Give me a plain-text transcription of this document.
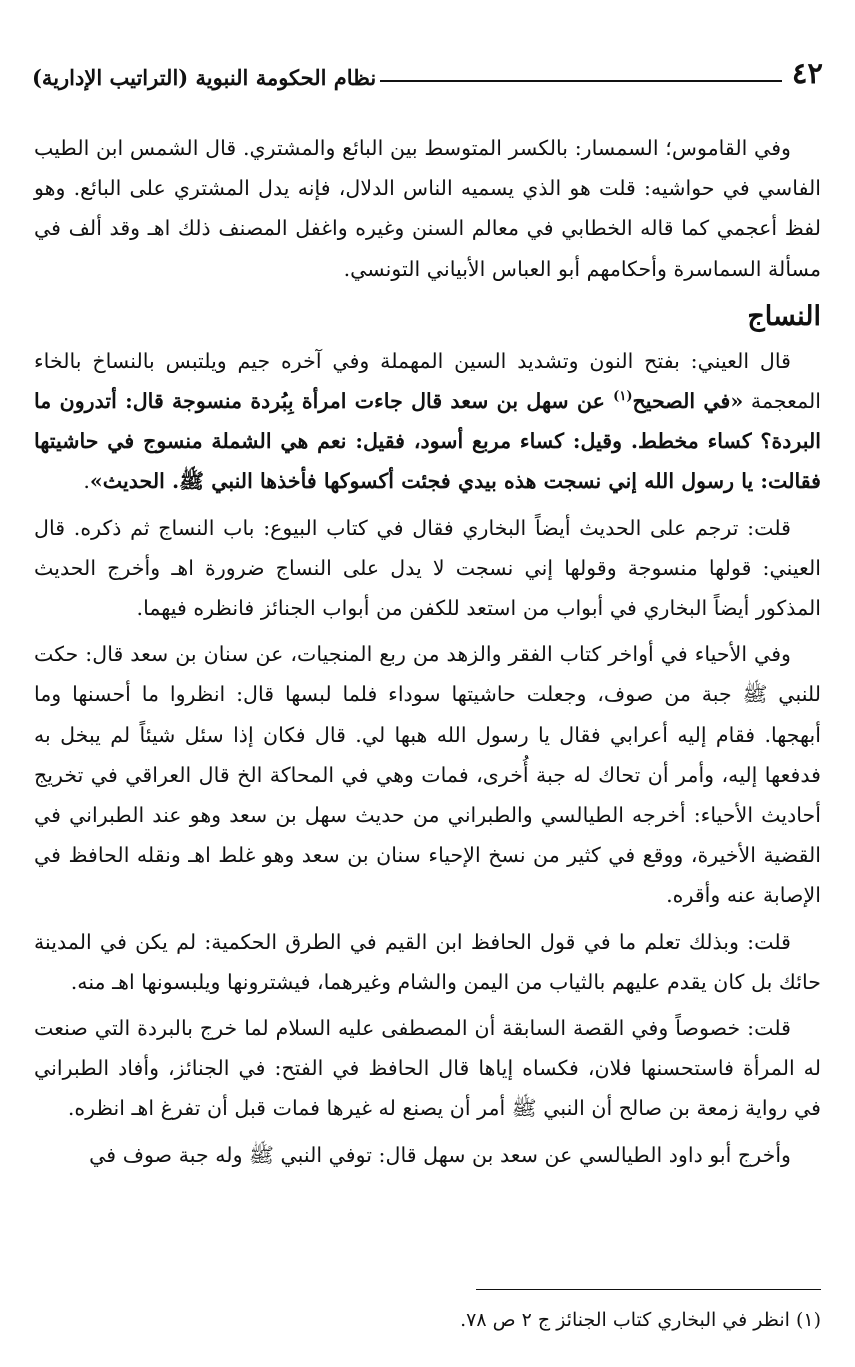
٤٢
نظام الحكومة النبوية (التراتيب الإدارية)

وفي القاموس؛ السمسار: بالكسر المتوسط بين البائع والمشتري. قال الشمس ابن الطيب الفاسي في حواشيه: قلت هو الذي يسميه الناس الدلال، فإنه يدل المشتري على البائع. وهو لفظ أعجمي كما قاله الخطابي في معالم السنن وغيره واغفل المصنف ذلك اهـ وقد ألف في مسألة السماسرة وأحكامهم أبو العباس الأبياني التونسي.

النساج

قال العيني: بفتح النون وتشديد السين المهملة وفي آخره جيم ويلتبس بالنساخ بالخاء المعجمة «في الصحيح$^{(١)}$ عن سهل بن سعد قال جاءت امرأة بِبُردة منسوجة قال: أتدرون ما البردة؟ كساء مخطط. وقيل: كساء مربع أسود، فقيل: نعم هي الشملة منسوج في حاشيتها فقالت: يا رسول الله إني نسجت هذه بيدي فجئت أكسوكها فأخذها النبي ﷺ. الحديث».

قلت: ترجم على الحديث أيضاً البخاري فقال في كتاب البيوع: باب النساج ثم ذكره. قال العيني: قولها منسوجة وقولها إني نسجت لا يدل على النساج ضرورة اهـ وأخرج الحديث المذكور أيضاً البخاري في أبواب من استعد للكفن من أبواب الجنائز فانظره فيهما.

وفي الأحياء في أواخر كتاب الفقر والزهد من ربع المنجيات، عن سنان بن سعد قال: حكت للنبي ﷺ جبة من صوف، وجعلت حاشيتها سوداء فلما لبسها قال: انظروا ما أحسنها وما أبهجها. فقام إليه أعرابي فقال يا رسول الله هبها لي. قال فكان إذا سئل شيئاً لم يبخل به فدفعها إليه، وأمر أن تحاك له جبة أُخرى، فمات وهي في المحاكة الخ قال العراقي في تخريج أحاديث الأحياء: أخرجه الطيالسي والطبراني من حديث سهل بن سعد وهو عند الطبراني في القضية الأخيرة، ووقع في كثير من نسخ الإحياء سنان بن سعد وهو غلط اهـ ونقله الحافظ في الإصابة عنه وأقره.

قلت: وبذلك تعلم ما في قول الحافظ ابن القيم في الطرق الحكمية: لم يكن في المدينة حائك بل كان يقدم عليهم بالثياب من اليمن والشام وغيرهما، فيشترونها ويلبسونها اهـ منه.

قلت: خصوصاً وفي القصة السابقة أن المصطفى عليه السلام لما خرج بالبردة التي صنعت له المرأة فاستحسنها فلان، فكساه إياها قال الحافظ في الفتح: في الجنائز، وأفاد الطبراني في رواية زمعة بن صالح أن النبي ﷺ أمر أن يصنع له غيرها فمات قبل أن تفرغ اهـ انظره.

وأخرج أبو داود الطيالسي عن سعد بن سهل قال: توفي النبي ﷺ وله جبة صوف في

(١) انظر في البخاري كتاب الجنائز ج ٢ ص ٧٨.
